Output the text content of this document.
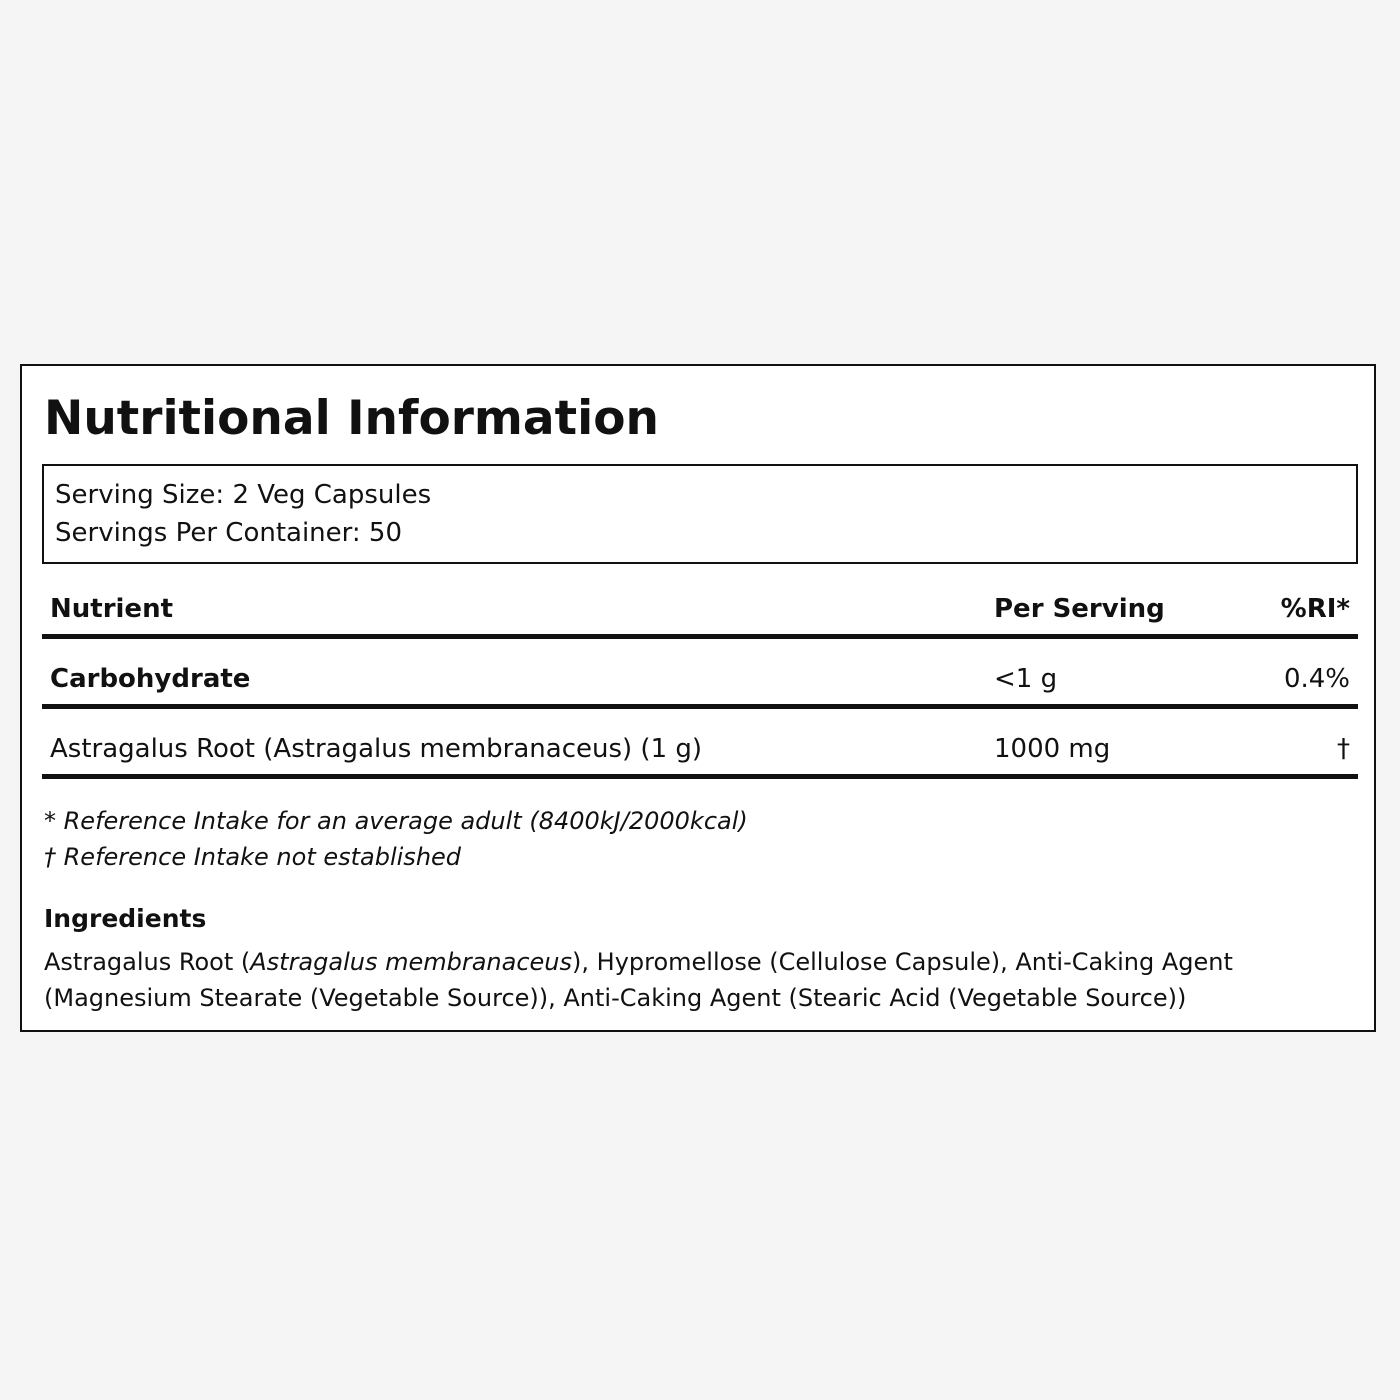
Nutritional Information
Serving Size: 2 Veg Capsules
Servings Per Container: 50
Nutrient	Per Serving	%RI*
Carbohydrate	<1 g	0.4%
Astragalus Root (Astragalus membranaceus) (1 g)	1000 mg	†
* Reference Intake for an average adult (8400kJ/2000kcal)
† Reference Intake not established
Ingredients

Astragalus Root (Astragalus membranaceus), Hypromellose (Cellulose Capsule), Anti-Caking Agent (Magnesium Stearate (Vegetable Source)), Anti-Caking Agent (Stearic Acid (Vegetable Source))
